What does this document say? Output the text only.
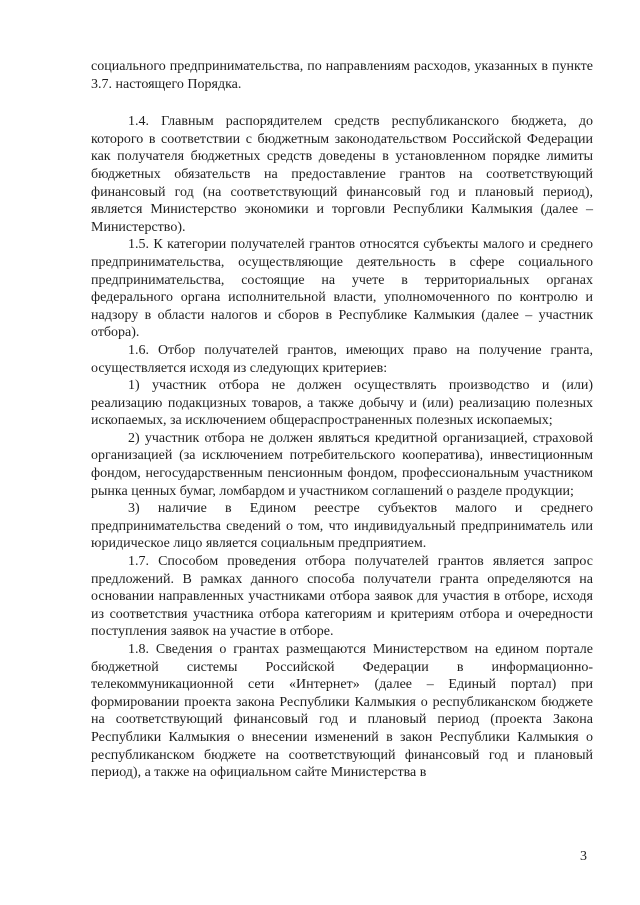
социального предпринимательства, по направлениям расходов, указанных в пункте 3.7. настоящего Порядка.

1.4. Главным распорядителем средств республиканского бюджета, до которого в соответствии с бюджетным законодательством Российской Федерации как получателя бюджетных средств доведены в установленном порядке лимиты бюджетных обязательств на предоставление грантов на соответствующий финансовый год (на соответствующий финансовый год и плановый период), является Министерство экономики и торговли Республики Калмыкия (далее – Министерство).

1.5. К категории получателей грантов относятся субъекты малого и среднего предпринимательства, осуществляющие деятельность в сфере социального предпринимательства, состоящие на учете в территориальных органах федерального органа исполнительной власти, уполномоченного по контролю и надзору в области налогов и сборов в Республике Калмыкия (далее – участник отбора).

1.6. Отбор получателей грантов, имеющих право на получение гранта, осуществляется исходя из следующих критериев:

1) участник отбора не должен осуществлять производство и (или) реализацию подакцизных товаров, а также добычу и (или) реализацию полезных ископаемых, за исключением общераспространенных полезных ископаемых;

2) участник отбора не должен являться кредитной организацией, страховой организацией (за исключением потребительского кооператива), инвестиционным фондом, негосударственным пенсионным фондом, профессиональным участником рынка ценных бумаг, ломбардом и участником соглашений о разделе продукции;

3) наличие в Едином реестре субъектов малого и среднего предпринимательства сведений о том, что индивидуальный предприниматель или юридическое лицо является социальным предприятием.

1.7. Способом проведения отбора получателей грантов является запрос предложений. В рамках данного способа получатели гранта определяются на основании направленных участниками отбора заявок для участия в отборе, исходя из соответствия участника отбора категориям и критериям отбора и очередности поступления заявок на участие в отборе.

1.8. Сведения о грантах размещаются Министерством на едином портале бюджетной системы Российской Федерации в информационно-телекоммуникационной сети «Интернет» (далее – Единый портал) при формировании проекта закона Республики Калмыкия о республиканском бюджете на соответствующий финансовый год и плановый период (проекта Закона Республики Калмыкия о внесении изменений в закон Республики Калмыкия о республиканском бюджете на соответствующий финансовый год и плановый период), а также на официальном сайте Министерства в

3
